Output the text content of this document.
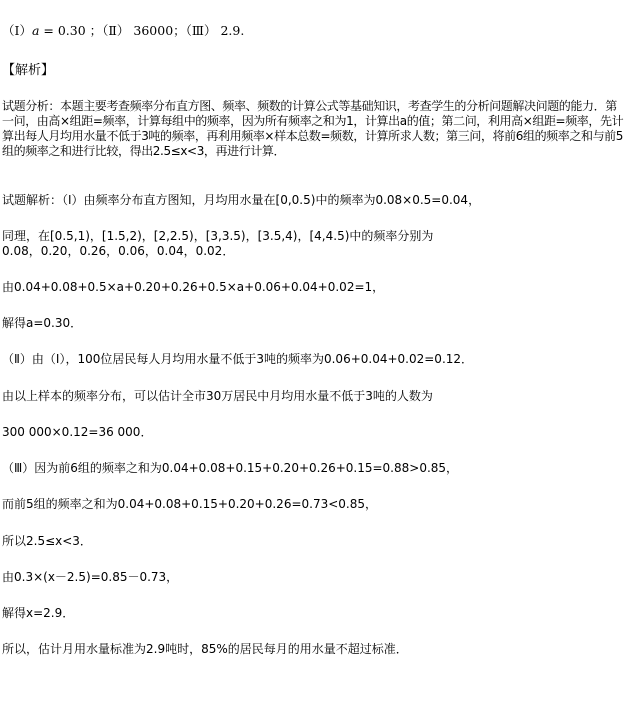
（Ⅰ）a = 0.30 ；（Ⅱ） 36000；（Ⅲ） 2.9.
【解析】
试题分析：本题主要考查频率分布直方图、频率、频数的计算公式等基础知识，考查学生的分析问题解决问题的能力．第一问，由高×组距=频率，计算每组中的频率，因为所有频率之和为1，计算出a的值；第二问，利用高×组距=频率，先计算出每人月均用水量不低于3吨的频率，再利用频率×样本总数=频数，计算所求人数；第三问，将前6组的频率之和与前5组的频率之和进行比较，得出2.5≤x<3，再进行计算．
试题解析：（Ⅰ）由频率分布直方图知，月均用水量在[0,0.5)中的频率为0.08×0.5=0.04，
同理，在[0.5,1)，[1.5,2)，[2,2.5)，[3,3.5)，[3.5,4)，[4,4.5)中的频率分别为
0.08，0.20，0.26，0.06，0.04，0.02．
由0.04+0.08+0.5×a+0.20+0.26+0.5×a+0.06+0.04+0.02=1，
解得a=0.30．
（Ⅱ）由（Ⅰ），100位居民每人月均用水量不低于3吨的频率为0.06+0.04+0.02=0.12．
由以上样本的频率分布，可以估计全市30万居民中月均用水量不低于3吨的人数为
300 000×0.12=36 000．
（Ⅲ）因为前6组的频率之和为0.04+0.08+0.15+0.20+0.26+0.15=0.88>0.85，
而前5组的频率之和为0.04+0.08+0.15+0.20+0.26=0.73<0.85，
所以2.5≤x<3．
由0.3×(x－2.5)=0.85－0.73，
解得x=2.9．
所以，估计月用水量标准为2.9吨时，85%的居民每月的用水量不超过标准．
